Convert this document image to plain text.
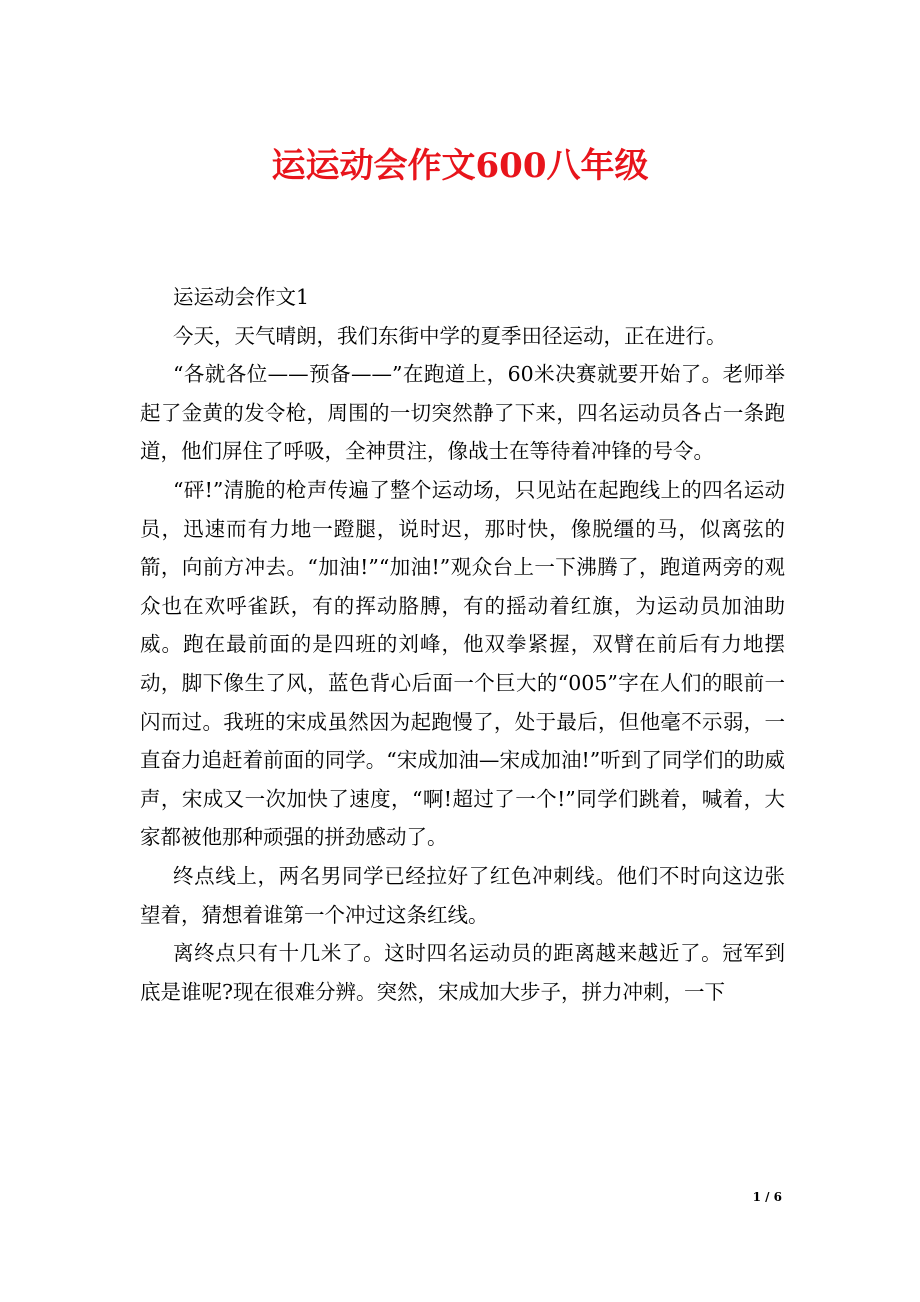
运运动会作文600八年级

运运动会作文1

今天，天气晴朗，我们东街中学的夏季田径运动，正在进行。

“各就各位——预备——”在跑道上，60米决赛就要开始了。老师举起了金黄的发令枪，周围的一切突然静了下来，四名运动员各占一条跑道，他们屏住了呼吸，全神贯注，像战士在等待着冲锋的号令。

“砰!”清脆的枪声传遍了整个运动场，只见站在起跑线上的四名运动员，迅速而有力地一蹬腿，说时迟，那时快，像脱缰的马，似离弦的箭，向前方冲去。“加油!”“加油!”观众台上一下沸腾了，跑道两旁的观众也在欢呼雀跃，有的挥动胳膊，有的摇动着红旗，为运动员加油助威。跑在最前面的是四班的刘峰，他双拳紧握，双臂在前后有力地摆动，脚下像生了风，蓝色背心后面一个巨大的“005”字在人们的眼前一闪而过。我班的宋成虽然因为起跑慢了，处于最后，但他毫不示弱，一直奋力追赶着前面的同学。“宋成加油—宋成加油!”听到了同学们的助威声，宋成又一次加快了速度，“啊!超过了一个!”同学们跳着，喊着，大家都被他那种顽强的拼劲感动了。

终点线上，两名男同学已经拉好了红色冲刺线。他们不时向这边张望着，猜想着谁第一个冲过这条红线。

离终点只有十几米了。这时四名运动员的距离越来越近了。冠军到底是谁呢?现在很难分辨。突然，宋成加大步子，拼力冲刺，一下

1 / 6
